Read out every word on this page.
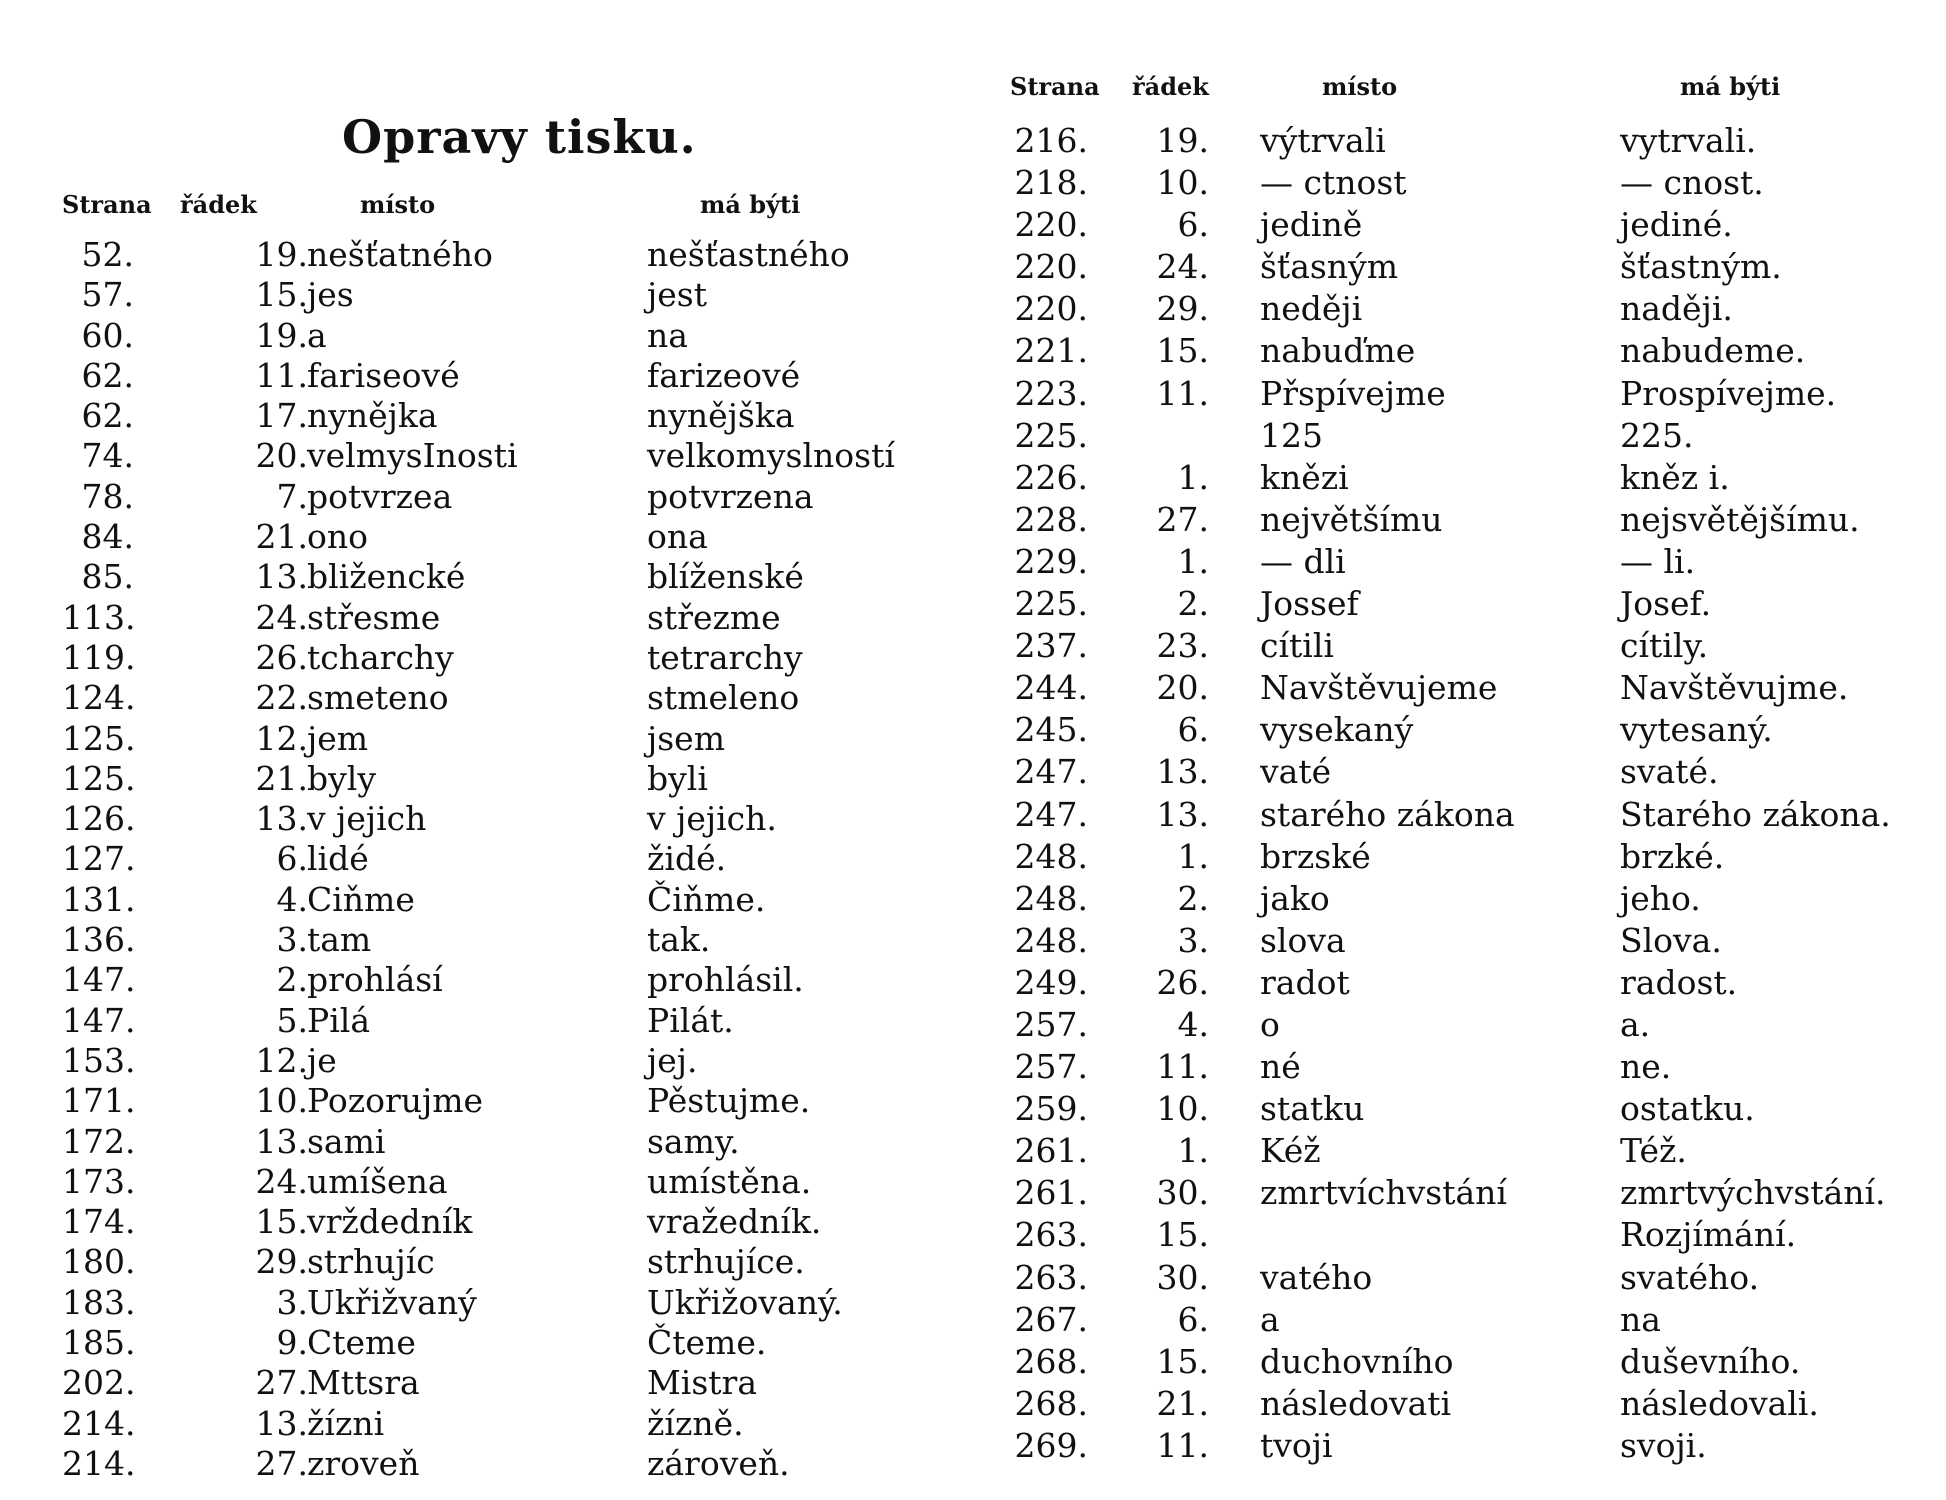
Opravy tisku.
Strana řádek	místo	má býti
52.	19. nešťatného	nešťastného
57.	15. jes	jest
60.	19. a	na
62.	11. fariseové	farizeové
62.	17. nynějka	nynějška
74.	20. velmysInosti	velkomyslností
78.	7. potvrzea	potvrzena
84.	21. ono	ona
85.	13. bližencké	blíženské
113.	24. střesme	střezme
119.	26. tcharchy	tetrarchy
124.	22. smeteno	stmeleno
125.	12. jem	jsem
125.	21. byly	byli
126.	13. v jejich	v jejich.
127.	6. lidé	židé.
131.	4. Ciňme	Čiňme.
136.	3. tam	tak.
147.	2. prohlásí	prohlásil.
147.	5. Pilá	Pilát.
153.	12. je	jej.
171.	10. Pozorujme	Pěstujme.
172.	13. sami	samy.
173.	24. umíšena	umístěna.
174.	15. vrždedník	vražedník.
180.	29. strhujíc	strhujíce.
183.	3. Ukřižvaný	Ukřižovaný.
185.	9. Cteme	Čteme.
202.	27. Mttsra	Mistra
214.	13. žízni	žízně.
214.	27. zroveň	zároveň.
Strana řádek	místo	má býti
216.	19. výtrvali	vytrvali.
218.	10. — ctnost	— cnost.
220.	6. jedině	jediné.
220.	24. šťasným	šťastným.
220.	29. neději	naději.
221.	15. nabuďme	nabudeme.
223.	11. Přspívejme	Prospívejme.
225.	125	225.
226.	1. knězi	kněz i.
228.	27. největšímu	nejsvětějšímu.
229.	1. — dli	— li.
225.	2. Jossef	Josef.
237.	23. cítili	cítily.
244.	20. Navštěvujeme	Navštěvujme.
245.	6. vysekaný	vytesaný.
247.	13. vaté	svaté.
247.	13. starého zákona	Starého zákona.
248.	1. brzské	brzké.
248.	2. jako	jeho.
248.	3. slova	Slova.
249.	26. radot	radost.
257.	4. o	a.
257.	11. né	ne.
259.	10. statku	ostatku.
261.	1. Kéž	Též.
261.	30. zmrtvíchvstání	zmrtvýchvstání.
263.	15.	Rozjímání.
263.	30. vatého	svatého.
267.	6. a	na
268.	15. duchovního	duševního.
268.	21. následovati	následovali.
269.	11. tvoji	svoji.
